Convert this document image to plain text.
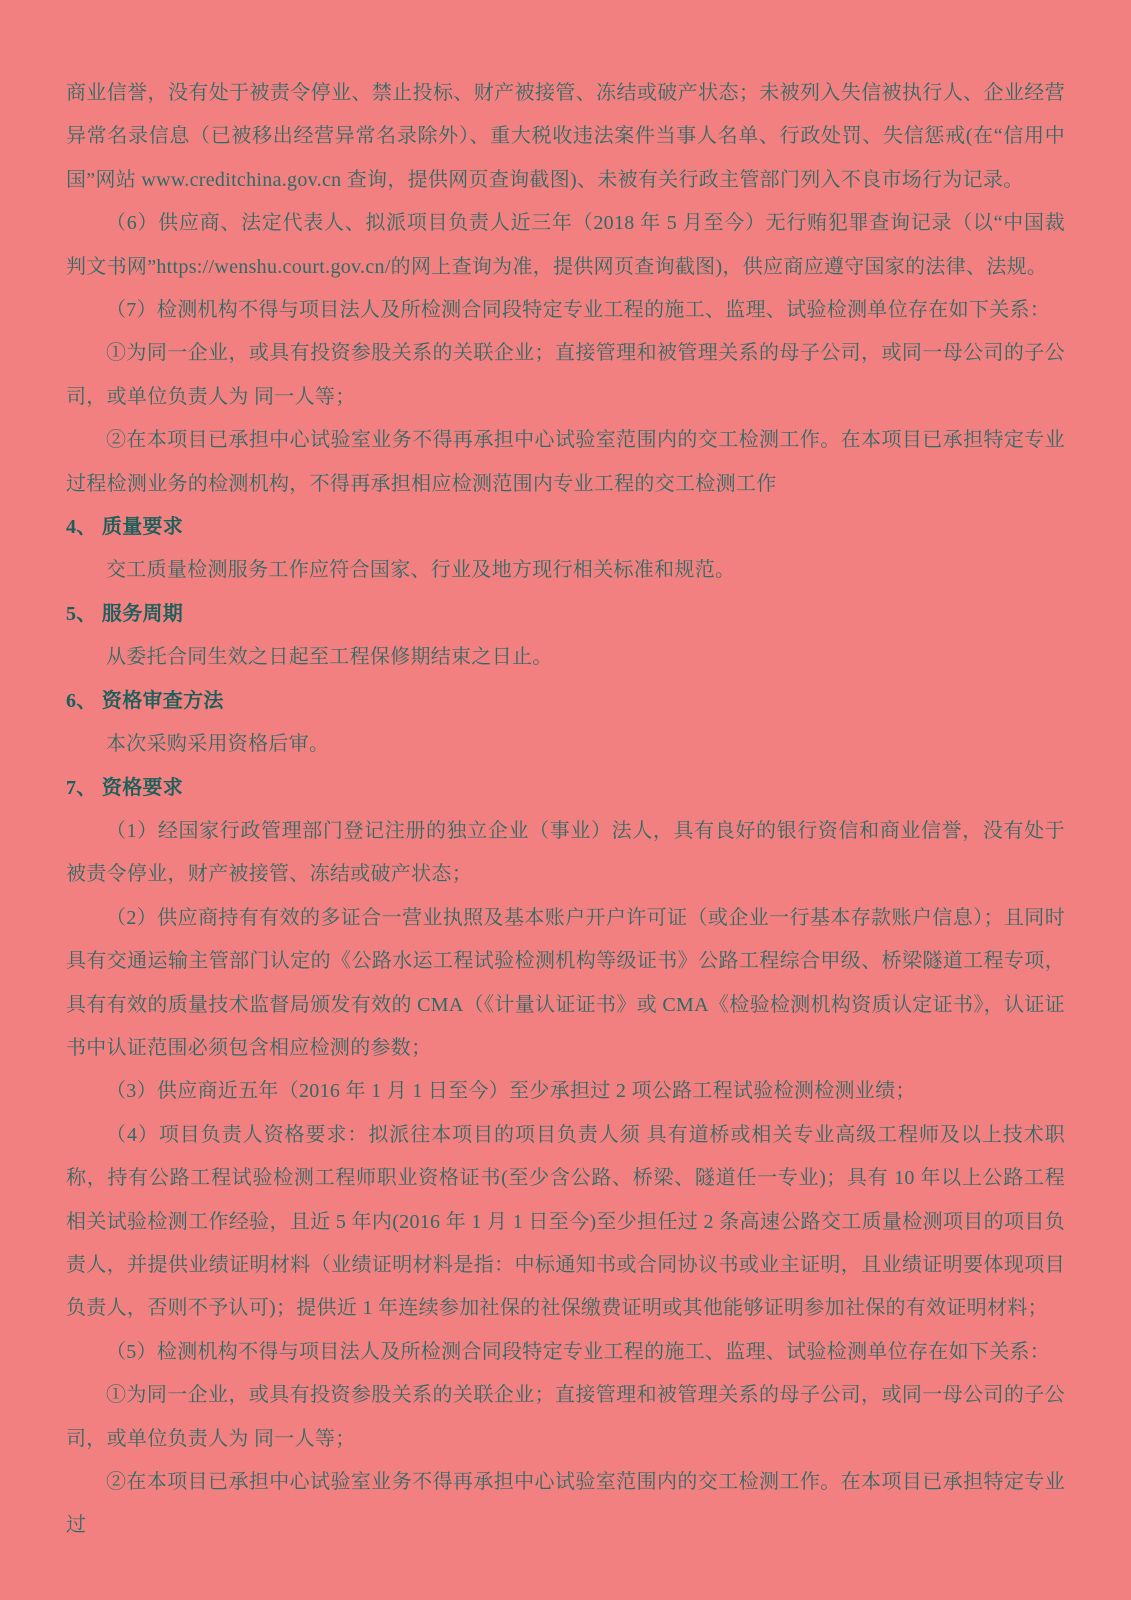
商业信誉，没有处于被责令停业、禁止投标、财产被接管、冻结或破产状态；未被列入失信被执行人、企业经营异常名录信息（已被移出经营异常名录除外）、重大税收违法案件当事人名单、行政处罚、失信惩戒(在“信用中国”网站 www.creditchina.gov.cn 查询，提供网页查询截图)、未被有关行政主管部门列入不良市场行为记录。

（6）供应商、法定代表人、拟派项目负责人近三年（2018 年 5 月至今）无行贿犯罪查询记录（以“中国裁判文书网”https://wenshu.court.gov.cn/的网上查询为准，提供网页查询截图)，供应商应遵守国家的法律、法规。

（7）检测机构不得与项目法人及所检测合同段特定专业工程的施工、监理、试验检测单位存在如下关系：

①为同一企业，或具有投资参股关系的关联企业；直接管理和被管理关系的母子公司，或同一母公司的子公司，或单位负责人为 同一人等；

②在本项目已承担中心试验室业务不得再承担中心试验室范围内的交工检测工作。在本项目已承担特定专业过程检测业务的检测机构，不得再承担相应检测范围内专业工程的交工检测工作

4、 质量要求

交工质量检测服务工作应符合国家、行业及地方现行相关标准和规范。

5、 服务周期

从委托合同生效之日起至工程保修期结束之日止。

6、 资格审查方法

本次采购采用资格后审。

7、 资格要求

（1）经国家行政管理部门登记注册的独立企业（事业）法人，具有良好的银行资信和商业信誉，没有处于被责令停业，财产被接管、冻结或破产状态；

（2）供应商持有有效的多证合一营业执照及基本账户开户许可证（或企业一行基本存款账户信息）；且同时具有交通运输主管部门认定的《公路水运工程试验检测机构等级证书》公路工程综合甲级、桥梁隧道工程专项，具有有效的质量技术监督局颁发有效的 CMA（《计量认证证书》或 CMA《检验检测机构资质认定证书》，认证证书中认证范围必须包含相应检测的参数；

（3）供应商近五年（2016 年 1 月 1 日至今）至少承担过 2 项公路工程试验检测检测业绩；

（4）项目负责人资格要求：拟派往本项目的项目负责人须 具有道桥或相关专业高级工程师及以上技术职称，持有公路工程试验检测工程师职业资格证书(至少含公路、桥梁、隧道任一专业)；具有 10 年以上公路工程相关试验检测工作经验，且近 5 年内(2016 年 1 月 1 日至今)至少担任过 2 条高速公路交工质量检测项目的项目负责人，并提供业绩证明材料（业绩证明材料是指：中标通知书或合同协议书或业主证明，且业绩证明要体现项目负责人，否则不予认可)；提供近 1 年连续参加社保的社保缴费证明或其他能够证明参加社保的有效证明材料；

（5）检测机构不得与项目法人及所检测合同段特定专业工程的施工、监理、试验检测单位存在如下关系：

①为同一企业，或具有投资参股关系的关联企业；直接管理和被管理关系的母子公司，或同一母公司的子公司，或单位负责人为 同一人等；

②在本项目已承担中心试验室业务不得再承担中心试验室范围内的交工检测工作。在本项目已承担特定专业过
